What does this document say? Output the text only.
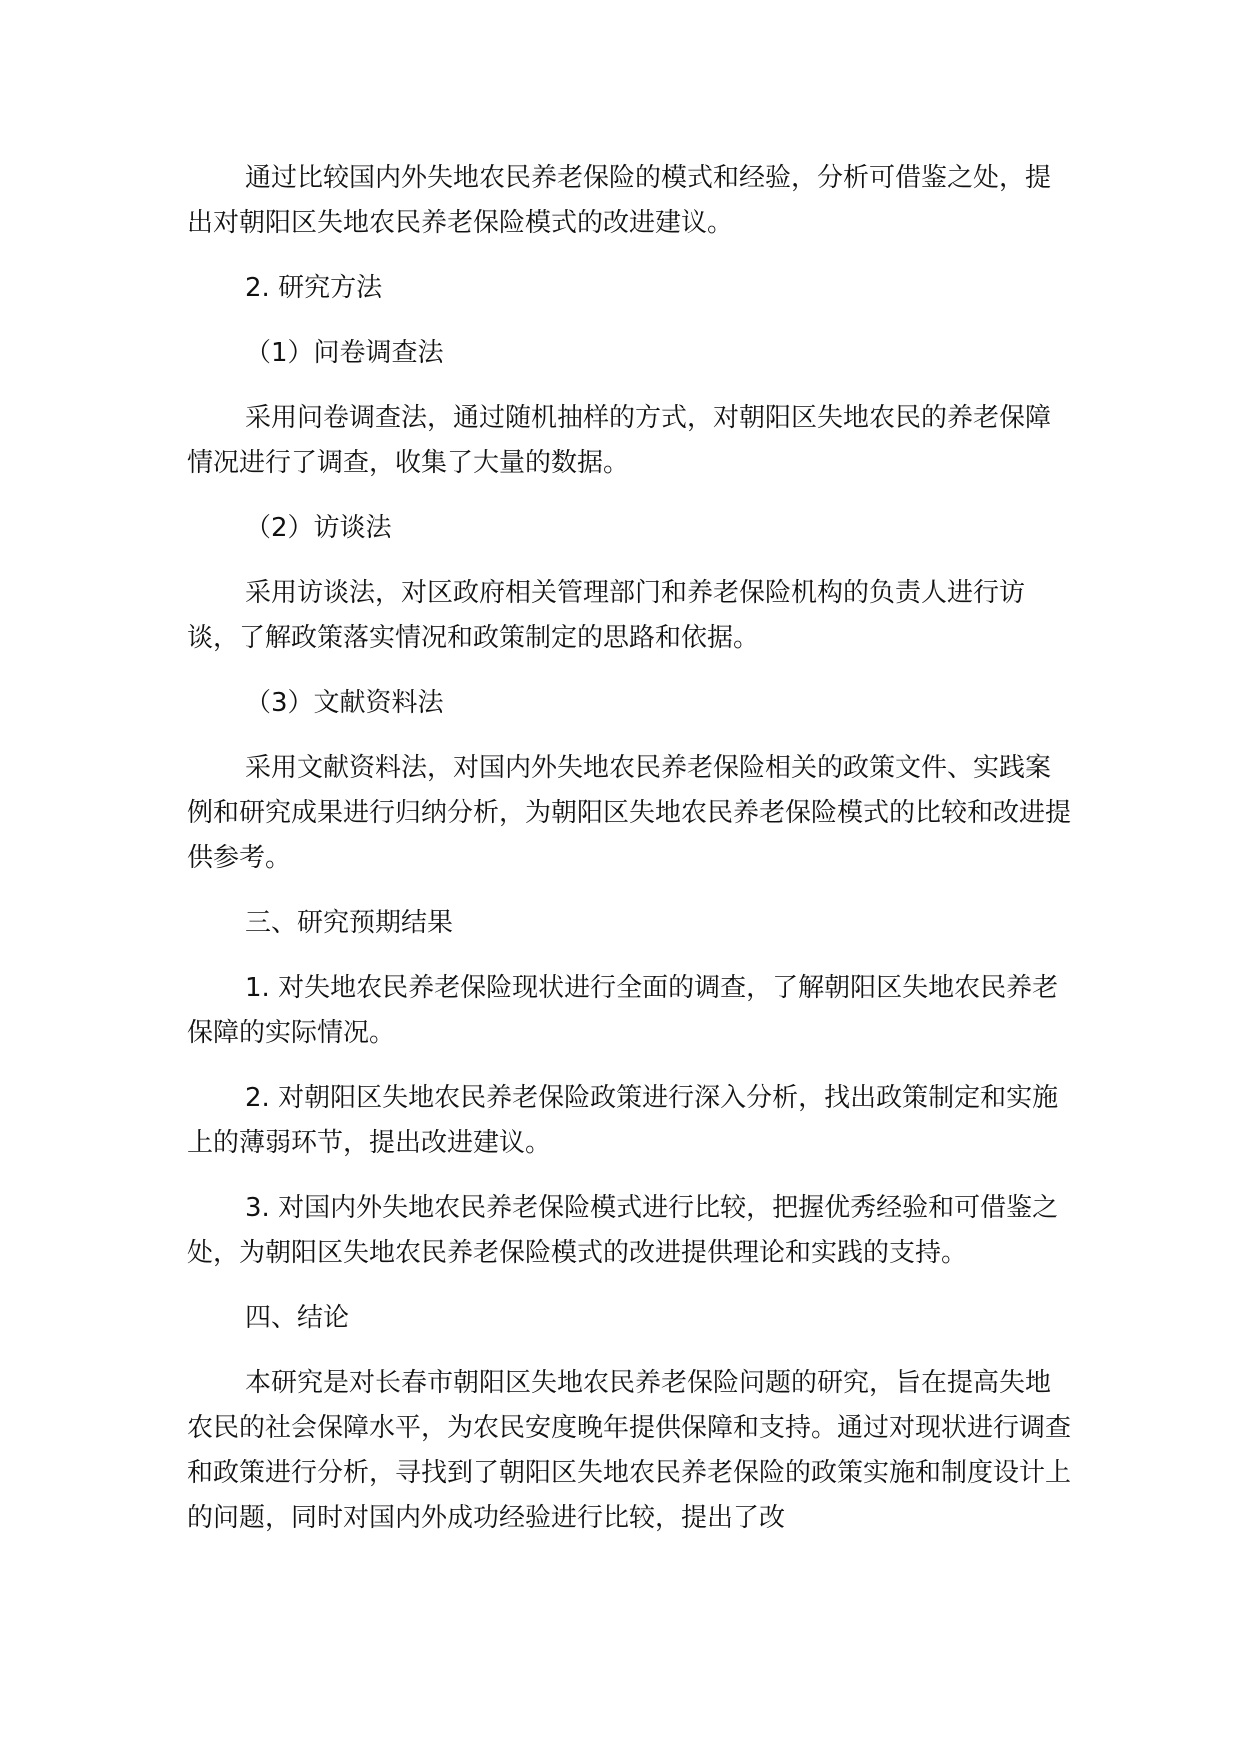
通过比较国内外失地农民养老保险的模式和经验，分析可借鉴之处，提出对朝阳区失地农民养老保险模式的改进建议。

2. 研究方法

（1）问卷调查法

采用问卷调查法，通过随机抽样的方式，对朝阳区失地农民的养老保障情况进行了调查，收集了大量的数据。

（2）访谈法

采用访谈法，对区政府相关管理部门和养老保险机构的负责人进行访谈，了解政策落实情况和政策制定的思路和依据。

（3）文献资料法

采用文献资料法，对国内外失地农民养老保险相关的政策文件、实践案例和研究成果进行归纳分析，为朝阳区失地农民养老保险模式的比较和改进提供参考。

三、研究预期结果

1. 对失地农民养老保险现状进行全面的调查，了解朝阳区失地农民养老保障的实际情况。

2. 对朝阳区失地农民养老保险政策进行深入分析，找出政策制定和实施上的薄弱环节，提出改进建议。

3. 对国内外失地农民养老保险模式进行比较，把握优秀经验和可借鉴之处，为朝阳区失地农民养老保险模式的改进提供理论和实践的支持。

四、结论

本研究是对长春市朝阳区失地农民养老保险问题的研究，旨在提高失地农民的社会保障水平，为农民安度晚年提供保障和支持。通过对现状进行调查和政策进行分析，寻找到了朝阳区失地农民养老保险的政策实施和制度设计上的问题，同时对国内外成功经验进行比较，提出了改
